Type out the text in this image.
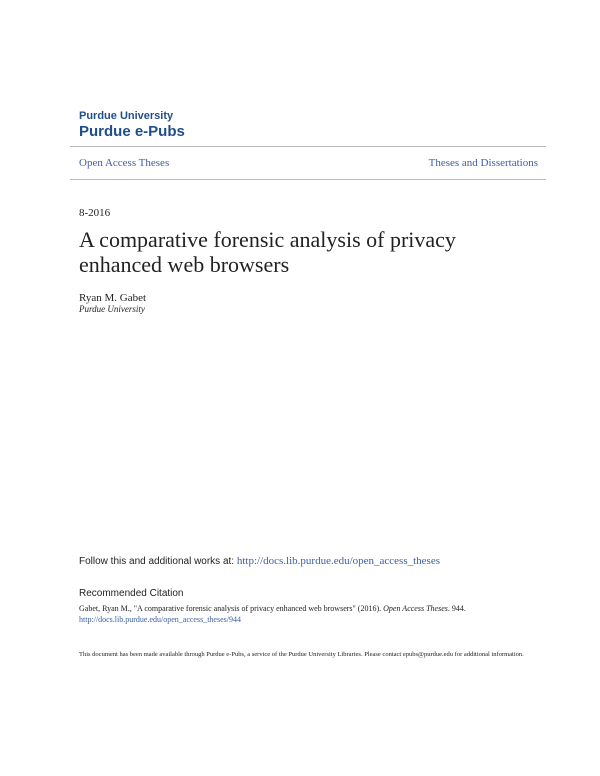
Purdue University
Purdue e-Pubs
Open Access Theses	Theses and Dissertations
8-2016
A comparative forensic analysis of privacy enhanced web browsers
Ryan M. Gabet
Purdue University
Follow this and additional works at: http://docs.lib.purdue.edu/open_access_theses
Recommended Citation
Gabet, Ryan M., "A comparative forensic analysis of privacy enhanced web browsers" (2016). Open Access Theses. 944.
http://docs.lib.purdue.edu/open_access_theses/944
This document has been made available through Purdue e-Pubs, a service of the Purdue University Libraries. Please contact epubs@purdue.edu for additional information.
